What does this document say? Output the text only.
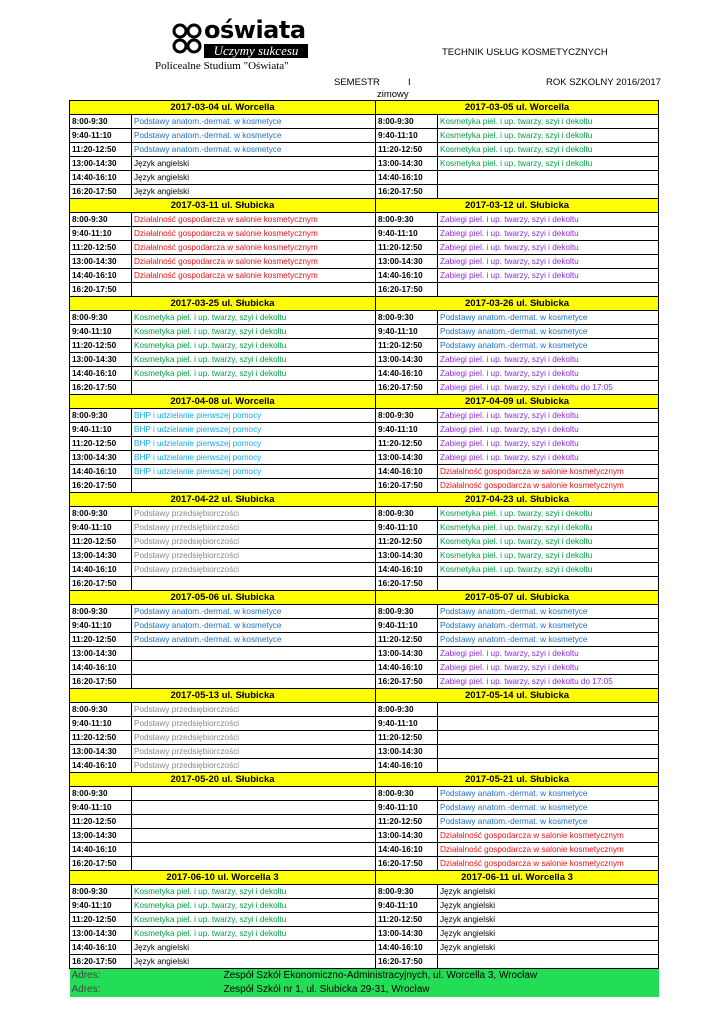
oświata
Uczymy sukcesu
Policealne Studium "Oświata"
TECHNIK USŁUG KOSMETYCZNYCH
SEMESTR	I	ROK SZKOLNY 2016/2017
zimowy
2017-03-04 ul. Worcella		2017-03-05 ul. Worcella	
8:00-9:30	Podstawy anatom.-dermat. w kosmetyce	8:00-9:30	Kosmetyka piel. i up. twarzy, szyi i dekoltu
9:40-11:10	Podstawy anatom.-dermat. w kosmetyce	9:40-11:10	Kosmetyka piel. i up. twarzy, szyi i dekoltu
11:20-12:50	Podstawy anatom.-dermat. w kosmetyce	11:20-12:50	Kosmetyka piel. i up. twarzy, szyi i dekoltu
13:00-14:30	Język angielski	13:00-14:30	Kosmetyka piel. i up. twarzy, szyi i dekoltu
14:40-16:10	Język angielski	14:40-16:10	
16:20-17:50	Język angielski	16:20-17:50	
2017-03-11 ul. Słubicka		2017-03-12 ul. Słubicka	
8:00-9:30	Działalność gospodarcza w salonie kosmetycznym	8:00-9:30	Zabiegi piel. i up. twarzy, szyi i dekoltu
9:40-11:10	Działalność gospodarcza w salonie kosmetycznym	9:40-11:10	Zabiegi piel. i up. twarzy, szyi i dekoltu
11:20-12:50	Działalność gospodarcza w salonie kosmetycznym	11:20-12:50	Zabiegi piel. i up. twarzy, szyi i dekoltu
13:00-14:30	Działalność gospodarcza w salonie kosmetycznym	13:00-14:30	Zabiegi piel. i up. twarzy, szyi i dekoltu
14:40-16:10	Działalność gospodarcza w salonie kosmetycznym	14:40-16:10	Zabiegi piel. i up. twarzy, szyi i dekoltu
16:20-17:50		16:20-17:50	
2017-03-25 ul. Słubicka		2017-03-26 ul. Słubicka	
8:00-9:30	Kosmetyka piel. i up. twarzy, szyi i dekoltu	8:00-9:30	Podstawy anatom.-dermat. w kosmetyce
9:40-11:10	Kosmetyka piel. i up. twarzy, szyi i dekoltu	9:40-11:10	Podstawy anatom.-dermat. w kosmetyce
11:20-12:50	Kosmetyka piel. i up. twarzy, szyi i dekoltu	11:20-12:50	Podstawy anatom.-dermat. w kosmetyce
13:00-14:30	Kosmetyka piel. i up. twarzy, szyi i dekoltu	13:00-14:30	Zabiegi piel. i up. twarzy, szyi i dekoltu
14:40-16:10	Kosmetyka piel. i up. twarzy, szyi i dekoltu	14:40-16:10	Zabiegi piel. i up. twarzy, szyi i dekoltu
16:20-17:50		16:20-17:50	Zabiegi piel. i up. twarzy, szyi i dekoltu do 17:05
2017-04-08 ul. Worcella		2017-04-09 ul. Słubicka	
8:00-9:30	BHP i udzielanie pierwszej pomocy	8:00-9:30	Zabiegi piel. i up. twarzy, szyi i dekoltu
9:40-11:10	BHP i udzielanie pierwszej pomocy	9:40-11:10	Zabiegi piel. i up. twarzy, szyi i dekoltu
11:20-12:50	BHP i udzielanie pierwszej pomocy	11:20-12:50	Zabiegi piel. i up. twarzy, szyi i dekoltu
13:00-14:30	BHP i udzielanie pierwszej pomocy	13:00-14:30	Zabiegi piel. i up. twarzy, szyi i dekoltu
14:40-16:10	BHP i udzielanie pierwszej pomocy	14:40-16:10	Działalność gospodarcza w salonie kosmetycznym
16:20-17:50		16:20-17:50	Działalność gospodarcza w salonie kosmetycznym
2017-04-22 ul. Słubicka		2017-04-23 ul. Słubicka	
8:00-9:30	Podstawy przedsiębiorczości	8:00-9:30	Kosmetyka piel. i up. twarzy, szyi i dekoltu
9:40-11:10	Podstawy przedsiębiorczości	9:40-11:10	Kosmetyka piel. i up. twarzy, szyi i dekoltu
11:20-12:50	Podstawy przedsiębiorczości	11:20-12:50	Kosmetyka piel. i up. twarzy, szyi i dekoltu
13:00-14:30	Podstawy przedsiębiorczości	13:00-14:30	Kosmetyka piel. i up. twarzy, szyi i dekoltu
14:40-16:10	Podstawy przedsiębiorczości	14:40-16:10	Kosmetyka piel. i up. twarzy, szyi i dekoltu
16:20-17:50		16:20-17:50	
2017-05-06 ul. Słubicka		2017-05-07 ul. Słubicka	
8:00-9:30	Podstawy anatom.-dermat. w kosmetyce	8:00-9:30	Podstawy anatom.-dermat. w kosmetyce
9:40-11:10	Podstawy anatom.-dermat. w kosmetyce	9:40-11:10	Podstawy anatom.-dermat. w kosmetyce
11:20-12:50	Podstawy anatom.-dermat. w kosmetyce	11:20-12:50	Podstawy anatom.-dermat. w kosmetyce
13:00-14:30		13:00-14:30	Zabiegi piel. i up. twarzy, szyi i dekoltu
14:40-16:10		14:40-16:10	Zabiegi piel. i up. twarzy, szyi i dekoltu
16:20-17:50		16:20-17:50	Zabiegi piel. i up. twarzy, szyi i dekoltu do 17:05
2017-05-13 ul. Słubicka		2017-05-14 ul. Słubicka	
8:00-9:30	Podstawy przedsiębiorczości	8:00-9:30	
9:40-11:10	Podstawy przedsiębiorczości	9:40-11:10	
11:20-12:50	Podstawy przedsiębiorczości	11:20-12:50	
13:00-14:30	Podstawy przedsiębiorczości	13:00-14:30	
14:40-16:10	Podstawy przedsiębiorczości	14:40-16:10	
2017-05-20 ul. Słubicka		2017-05-21 ul. Słubicka	
8:00-9:30		8:00-9:30	Podstawy anatom.-dermat. w kosmetyce
9:40-11:10		9:40-11:10	Podstawy anatom.-dermat. w kosmetyce
11:20-12:50		11:20-12:50	Podstawy anatom.-dermat. w kosmetyce
13:00-14:30		13:00-14:30	Działalność gospodarcza w salonie kosmetycznym
14:40-16:10		14:40-16:10	Działalność gospodarcza w salonie kosmetycznym
16:20-17:50		16:20-17:50	Działalność gospodarcza w salonie kosmetycznym
2017-06-10 ul. Worcella 3		2017-06-11 ul. Worcella 3	
8:00-9:30	Kosmetyka piel. i up. twarzy, szyi i dekoltu	8:00-9:30	Język angielski
9:40-11:10	Kosmetyka piel. i up. twarzy, szyi i dekoltu	9:40-11:10	Język angielski
11:20-12:50	Kosmetyka piel. i up. twarzy, szyi i dekoltu	11:20-12:50	Język angielski
13:00-14:30	Kosmetyka piel. i up. twarzy, szyi i dekoltu	13:00-14:30	Język angielski
14:40-16:10	Język angielski	14:40-16:10	Język angielski
16:20-17:50	Język angielski	16:20-17:50	
Adres:	Zespół Szkół Ekonomiczno-Administracyjnych, ul. Worcella 3, Wrocław		
Adres:	Zespół Szkół nr 1, ul. Słubicka 29-31, Wrocław		
